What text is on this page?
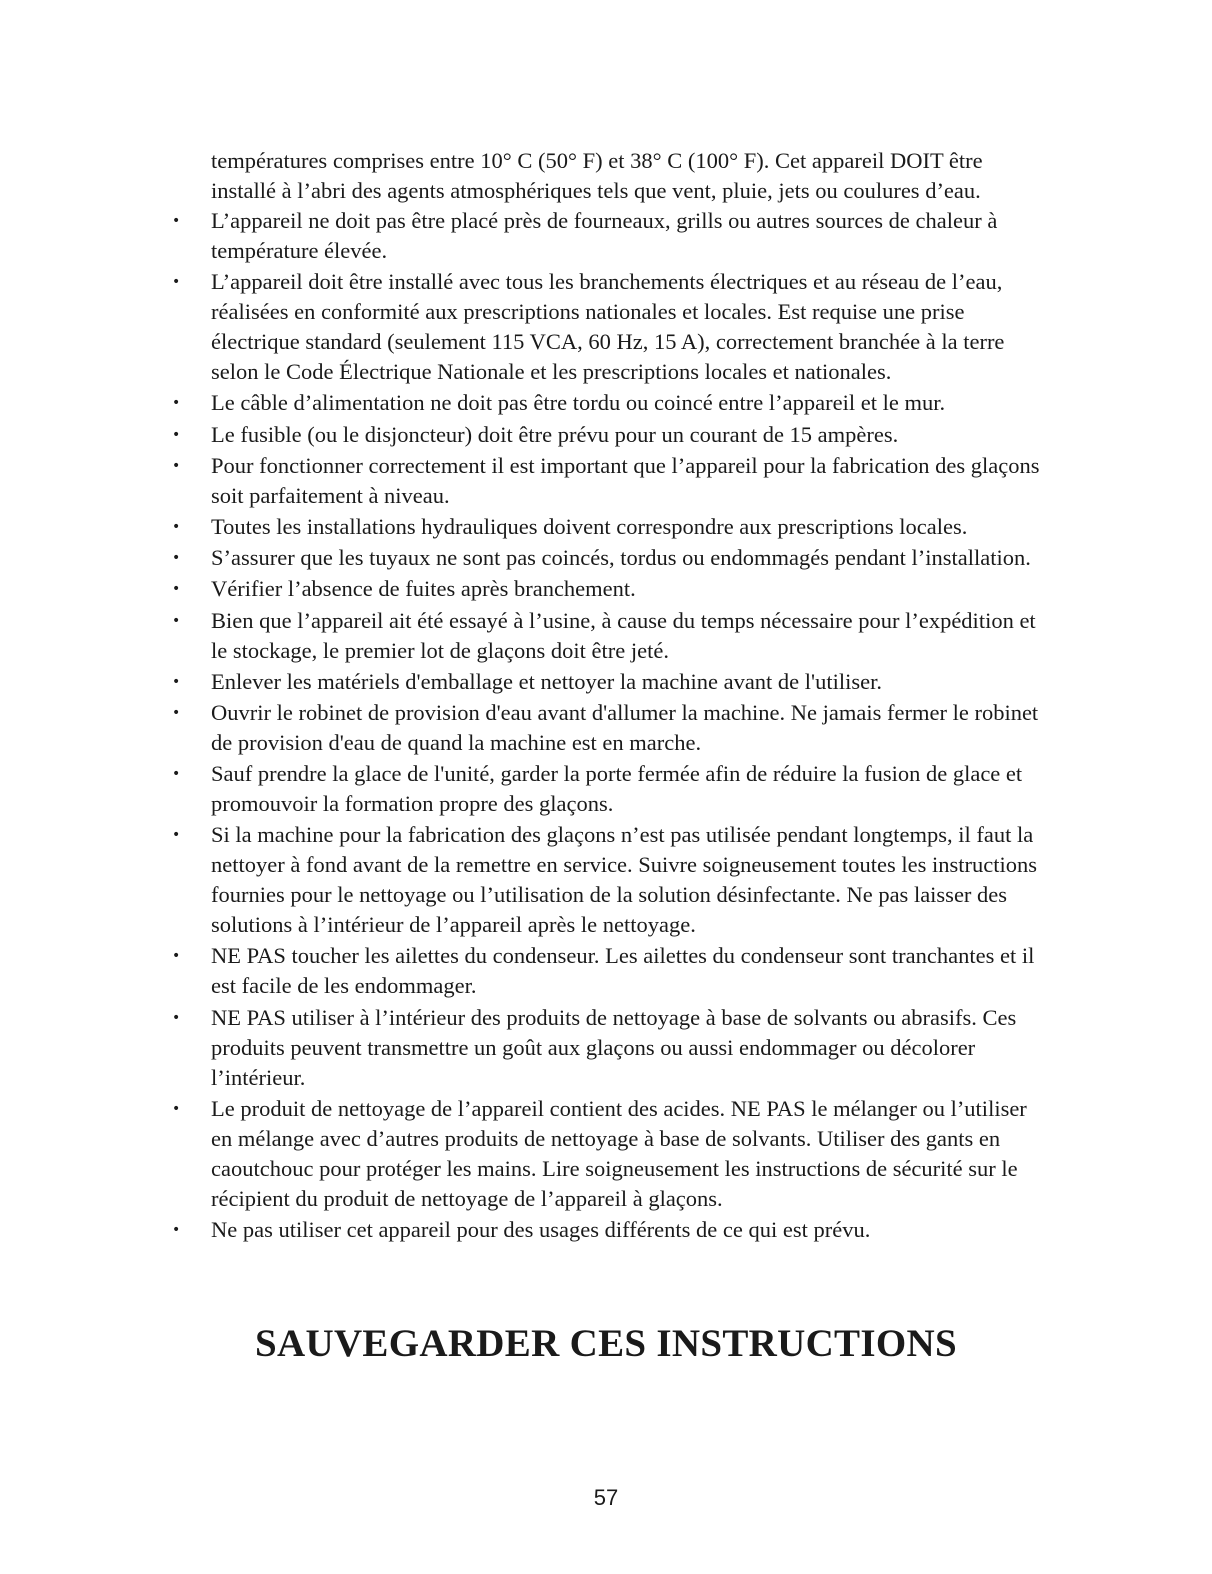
températures comprises entre 10° C (50° F) et 38° C (100° F). Cet appareil DOIT être installé à l’abri des agents atmosphériques tels que vent, pluie, jets ou coulures d’eau.

• L’appareil ne doit pas être placé près de fourneaux, grills ou autres sources de chaleur à température élevée.
• L’appareil doit être installé avec tous les branchements électriques et au réseau de l’eau, réalisées en conformité aux prescriptions nationales et locales. Est requise une prise électrique standard (seulement 115 VCA, 60 Hz, 15 A), correctement branchée à la terre selon le Code Électrique Nationale et les prescriptions locales et nationales.
• Le câble d’alimentation ne doit pas être tordu ou coincé entre l’appareil et le mur.
• Le fusible (ou le disjoncteur) doit être prévu pour un courant de 15 ampères.
• Pour fonctionner correctement il est important que l’appareil pour la fabrication des glaçons soit parfaitement à niveau.
• Toutes les installations hydrauliques doivent correspondre aux prescriptions locales.
• S’assurer que les tuyaux ne sont pas coincés, tordus ou endommagés pendant l’installation.
• Vérifier l’absence de fuites après branchement.
• Bien que l’appareil ait été essayé à l’usine, à cause du temps nécessaire pour l’expédition et le stockage, le premier lot de glaçons doit être jeté.
• Enlever les matériels d'emballage et nettoyer la machine avant de l'utiliser.
• Ouvrir le robinet de provision d'eau avant d'allumer la machine. Ne jamais fermer le robinet de provision d'eau de quand la machine est en marche.
• Sauf prendre la glace de l'unité, garder la porte fermée afin de réduire la fusion de glace et promouvoir la formation propre des glaçons.
• Si la machine pour la fabrication des glaçons n’est pas utilisée pendant longtemps, il faut la nettoyer à fond avant de la remettre en service. Suivre soigneusement toutes les instructions fournies pour le nettoyage ou l’utilisation de la solution désinfectante. Ne pas laisser des solutions à l’intérieur de l’appareil après le nettoyage.
• NE PAS toucher les ailettes du condenseur. Les ailettes du condenseur sont tranchantes et il est facile de les endommager.
• NE PAS utiliser à l’intérieur des produits de nettoyage à base de solvants ou abrasifs. Ces produits peuvent transmettre un goût aux glaçons ou aussi endommager ou décolorer l’intérieur.
• Le produit de nettoyage de l’appareil contient des acides. NE PAS le mélanger ou l’utiliser en mélange avec d’autres produits de nettoyage à base de solvants. Utiliser des gants en caoutchouc pour protéger les mains. Lire soigneusement les instructions de sécurité sur le récipient du produit de nettoyage de l’appareil à glaçons.
• Ne pas utiliser cet appareil pour des usages différents de ce qui est prévu.
SAUVEGARDER CES INSTRUCTIONS
57
